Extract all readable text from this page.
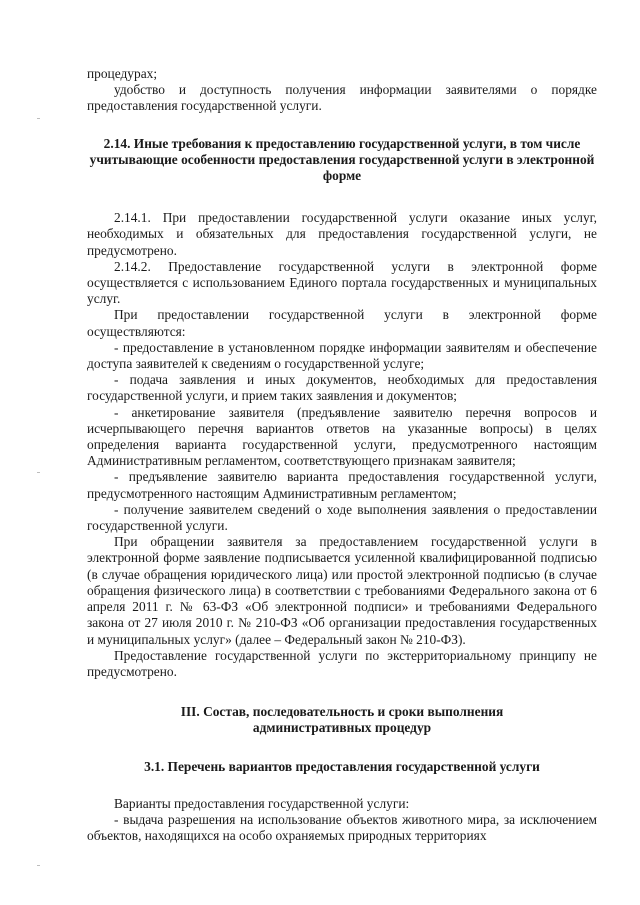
процедурах;

удобство и доступность получения информации заявителями о порядке предоставления государственной услуги.

2.14. Иные требования к предоставлению государственной услуги, в том числе учитывающие особенности предоставления государственной услуги в электронной форме

2.14.1. При предоставлении государственной услуги оказание иных услуг, необходимых и обязательных для предоставления государственной услуги, не предусмотрено.

2.14.2. Предоставление государственной услуги в электронной форме осуществляется с использованием Единого портала государственных и муниципальных услуг.

При предоставлении государственной услуги в электронной форме осуществляются:

- предоставление в установленном порядке информации заявителям и обеспечение доступа заявителей к сведениям о государственной услуге;

- подача заявления и иных документов, необходимых для предоставления государственной услуги, и прием таких заявления и документов;

- анкетирование заявителя (предъявление заявителю перечня вопросов и исчерпывающего перечня вариантов ответов на указанные вопросы) в целях определения варианта государственной услуги, предусмотренного настоящим Административным регламентом, соответствующего признакам заявителя;

- предъявление заявителю варианта предоставления государственной услуги, предусмотренного настоящим Административным регламентом;

- получение заявителем сведений о ходе выполнения заявления о предоставлении государственной услуги.

При обращении заявителя за предоставлением государственной услуги в электронной форме заявление подписывается усиленной квалифицированной подписью (в случае обращения юридического лица) или простой электронной подписью (в случае обращения физического лица) в соответствии с требованиями Федерального закона от 6 апреля 2011 г. № 63-ФЗ «Об электронной подписи» и требованиями Федерального закона от 27 июля 2010 г. № 210-ФЗ «Об организации предоставления государственных и муниципальных услуг» (далее – Федеральный закон № 210-ФЗ).

Предоставление государственной услуги по экстерриториальному принципу не предусмотрено.

III. Состав, последовательность и сроки выполнения административных процедур

3.1. Перечень вариантов предоставления государственной услуги

Варианты предоставления государственной услуги:

- выдача разрешения на использование объектов животного мира, за исключением объектов, находящихся на особо охраняемых природных территориях
